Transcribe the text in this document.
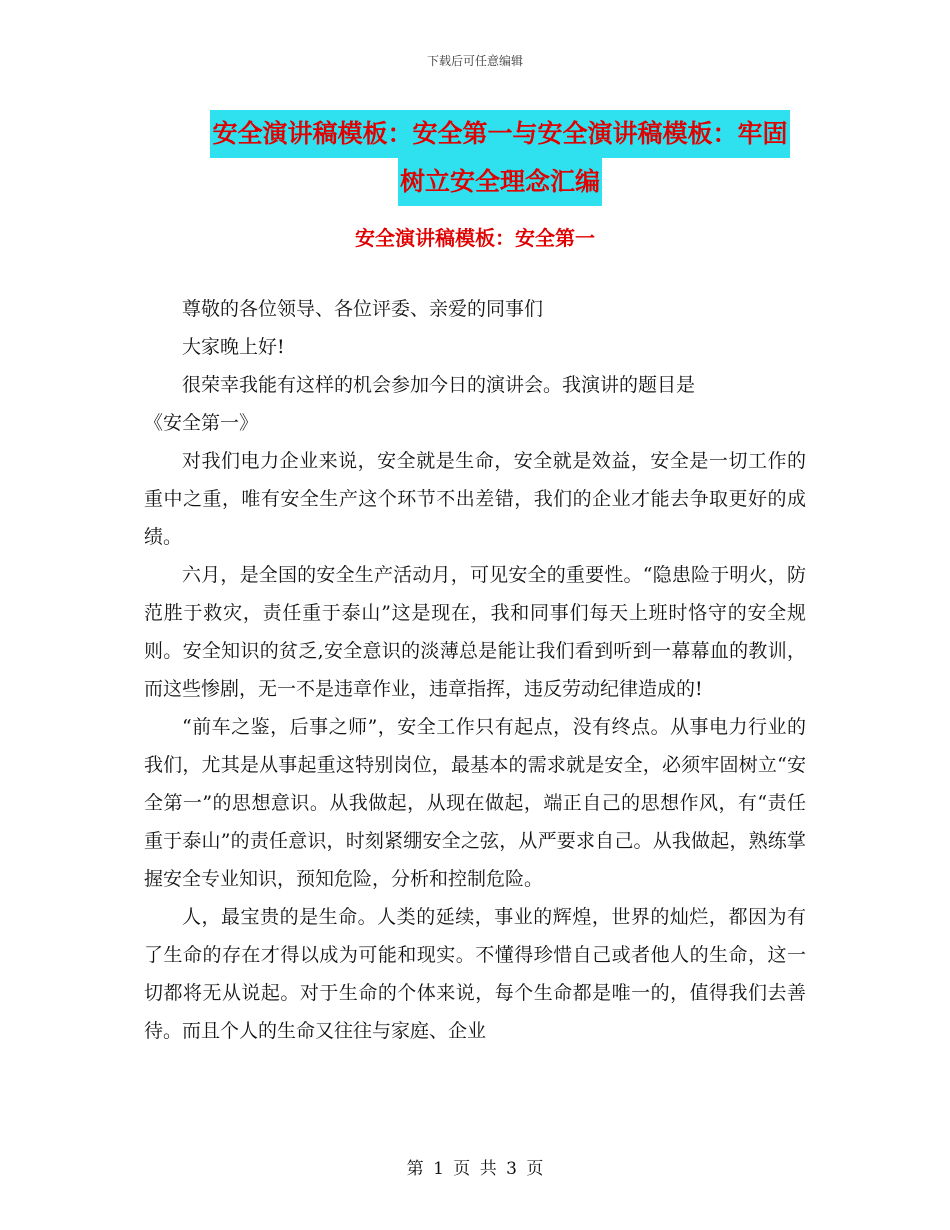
下载后可任意编辑
安全演讲稿模板：安全第一与安全演讲稿模板：牢固
树立安全理念汇编
安全演讲稿模板：安全第一

尊敬的各位领导、各位评委、亲爱的同事们

大家晚上好!

很荣幸我能有这样的机会参加今日的演讲会。我演讲的题目是

《安全第一》

对我们电力企业来说，安全就是生命，安全就是效益，安全是一切工作的重中之重，唯有安全生产这个环节不出差错，我们的企业才能去争取更好的成绩。

六月，是全国的安全生产活动月，可见安全的重要性。“隐患险于明火，防范胜于救灾，责任重于泰山”这是现在，我和同事们每天上班时恪守的安全规则。安全知识的贫乏,安全意识的淡薄总是能让我们看到听到一幕幕血的教训，而这些惨剧，无一不是违章作业，违章指挥，违反劳动纪律造成的!

“前车之鉴，后事之师”，安全工作只有起点，没有终点。从事电力行业的我们，尤其是从事起重这特别岗位，最基本的需求就是安全，必须牢固树立“安全第一”的思想意识。从我做起，从现在做起，端正自己的思想作风，有“责任重于泰山”的责任意识，时刻紧绷安全之弦，从严要求自己。从我做起，熟练掌握安全专业知识，预知危险，分析和控制危险。

人，最宝贵的是生命。人类的延续，事业的辉煌，世界的灿烂，都因为有了生命的存在才得以成为可能和现实。不懂得珍惜自己或者他人的生命，这一切都将无从说起。对于生命的个体来说，每个生命都是唯一的，值得我们去善待。而且个人的生命又往往与家庭、企业

第 1 页 共 3 页
